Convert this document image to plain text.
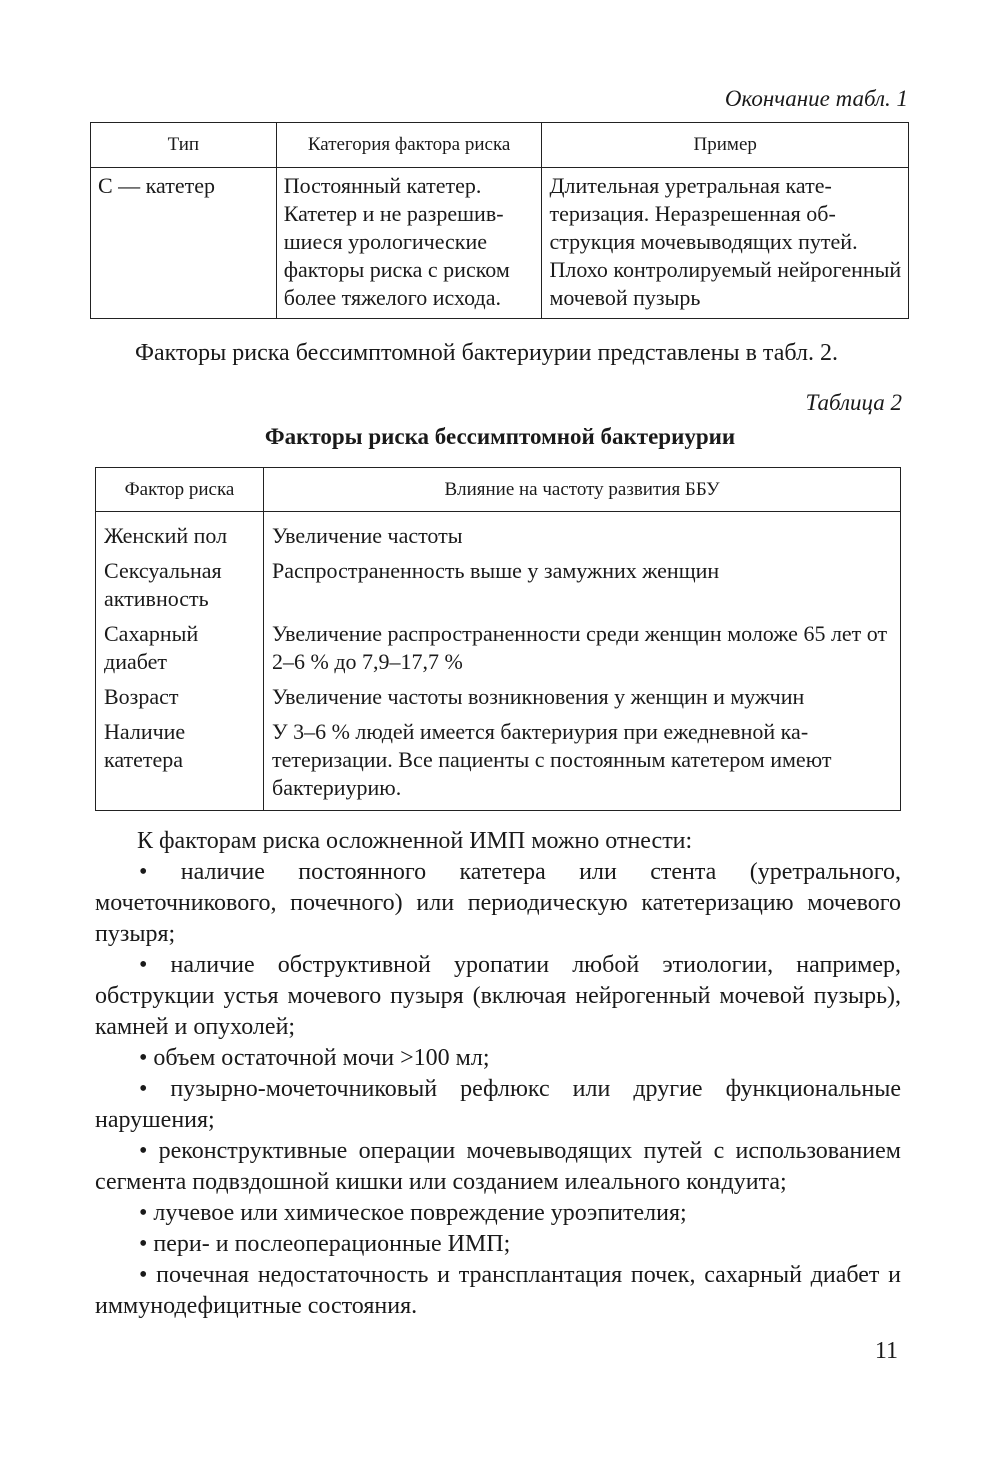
Окончание табл. 1
Тип	Категория фактора риска	Пример
С — катетер	Постоянный катетер. Катетер и не разрешившиеся урологические факторы риска с риском более тяжелого исхода.	Длительная уретральная катетеризация. Неразрешенная обструкция мочевыводящих путей. Плохо контролируемый нейрогенный мочевой пузырь
Факторы риска бессимптомной бактериурии представлены в табл. 2.
Таблица 2
Факторы риска бессимптомной бактериурии
Фактор риска	Влияние на частоту развития ББУ
Женский пол	Увеличение частоты
Сексуальная активность	Распространенность выше у замужних женщин
Сахарный диабет	Увеличение распространенности среди женщин моложе 65 лет от 2–6 % до 7,9–17,7 %
Возраст	Увеличение частоты возникновения у женщин и мужчин
Наличие катетера	У 3–6 % людей имеется бактериурия при ежедневной катетеризации. Все пациенты с постоянным катетером имеют бактериурию.

К факторам риска осложненной ИМП можно отнести:

• наличие постоянного катетера или стента (уретрального, мочеточникового, почечного) или периодическую катетеризацию мочевого пузыря;

• наличие обструктивной уропатии любой этиологии, например, обструкции устья мочевого пузыря (включая нейрогенный мочевой пузырь), камней и опухолей;

• объем остаточной мочи >100 мл;

• пузырно-мочеточниковый рефлюкс или другие функциональные нарушения;

• реконструктивные операции мочевыводящих путей с использованием сегмента подвздошной кишки или созданием илеального кондуита;

• лучевое или химическое повреждение уроэпителия;

• пери- и послеоперационные ИМП;

• почечная недостаточность и трансплантация почек, сахарный диабет и иммунодефицитные состояния.

11
